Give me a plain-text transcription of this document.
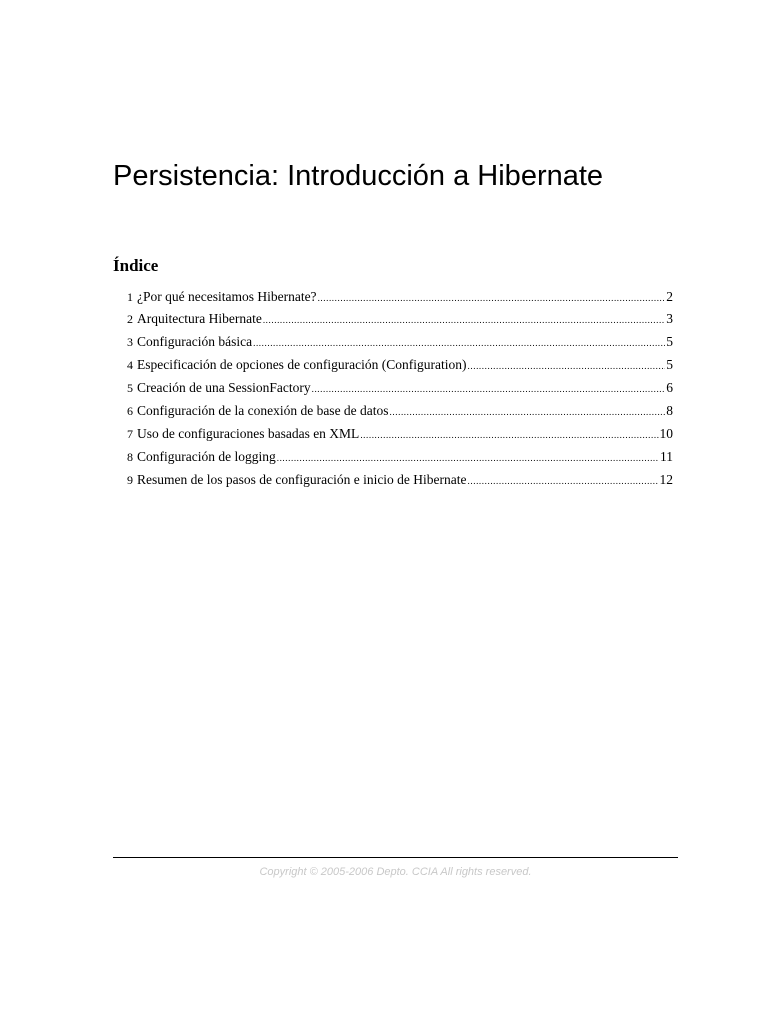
Persistencia: Introducción a Hibernate
Índice
1 ¿Por qué necesitamos Hibernate? .....	2
2 Arquitectura Hibernate .....	3
3 Configuración básica .....	5
4 Especificación de opciones de configuración (Configuration) .....	5
5 Creación de una SessionFactory .....	6
6 Configuración de la conexión de base de datos .....	8
7 Uso de configuraciones basadas en XML .....	10
8 Configuración de logging .....	11
9 Resumen de los pasos de configuración e inicio de Hibernate .....	12
Copyright © 2005-2006 Depto. CCIA All rights reserved.
